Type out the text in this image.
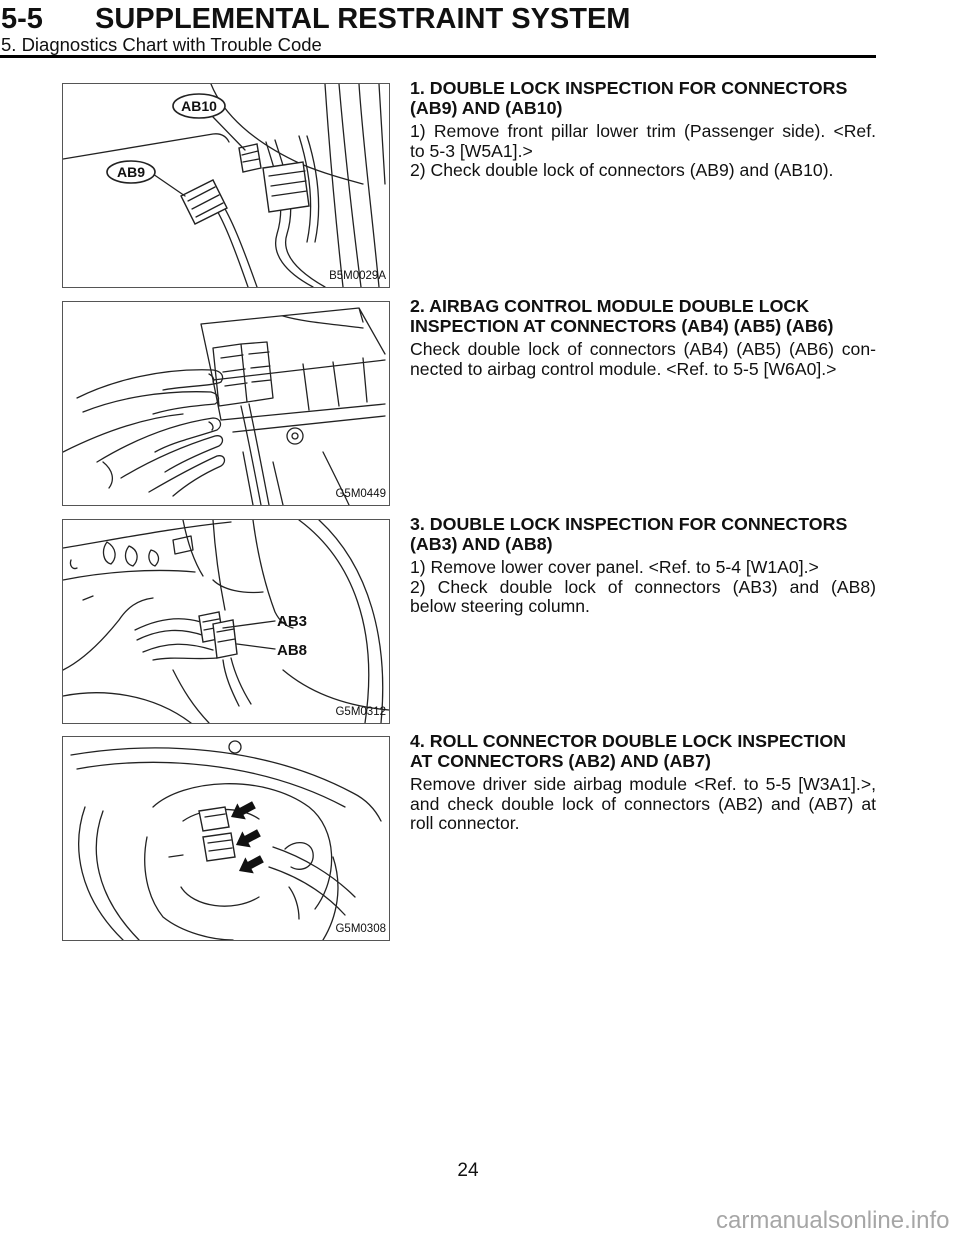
5-5 SUPPLEMENTAL RESTRAINT SYSTEM
5. Diagnostics Chart with Trouble Code
AB10
AB9
B5M0029A
1. DOUBLE LOCK INSPECTION FOR CONNECTORS
(AB9) AND (AB10)
1) Remove front pillar lower trim (Passenger side). <Ref.
to 5-3 [W5A1].>
2) Check double lock of connectors (AB9) and (AB10).
G5M0449
2. AIRBAG CONTROL MODULE DOUBLE LOCK
INSPECTION AT CONNECTORS (AB4) (AB5) (AB6)
Check double lock of connectors (AB4) (AB5) (AB6) con-
nected to airbag control module. <Ref. to 5-5 [W6A0].>
AB3
AB8
G5M0312
3. DOUBLE LOCK INSPECTION FOR CONNECTORS
(AB3) AND (AB8)
1) Remove lower cover panel. <Ref. to 5-4 [W1A0].>
2) Check double lock of connectors (AB3) and (AB8)
below steering column.
G5M0308
4. ROLL CONNECTOR DOUBLE LOCK INSPECTION
AT CONNECTORS (AB2) AND (AB7)
Remove driver side airbag module <Ref. to 5-5 [W3A1].>,
and check double lock of connectors (AB2) and (AB7) at
roll connector.
24
carmanualsonline.info
